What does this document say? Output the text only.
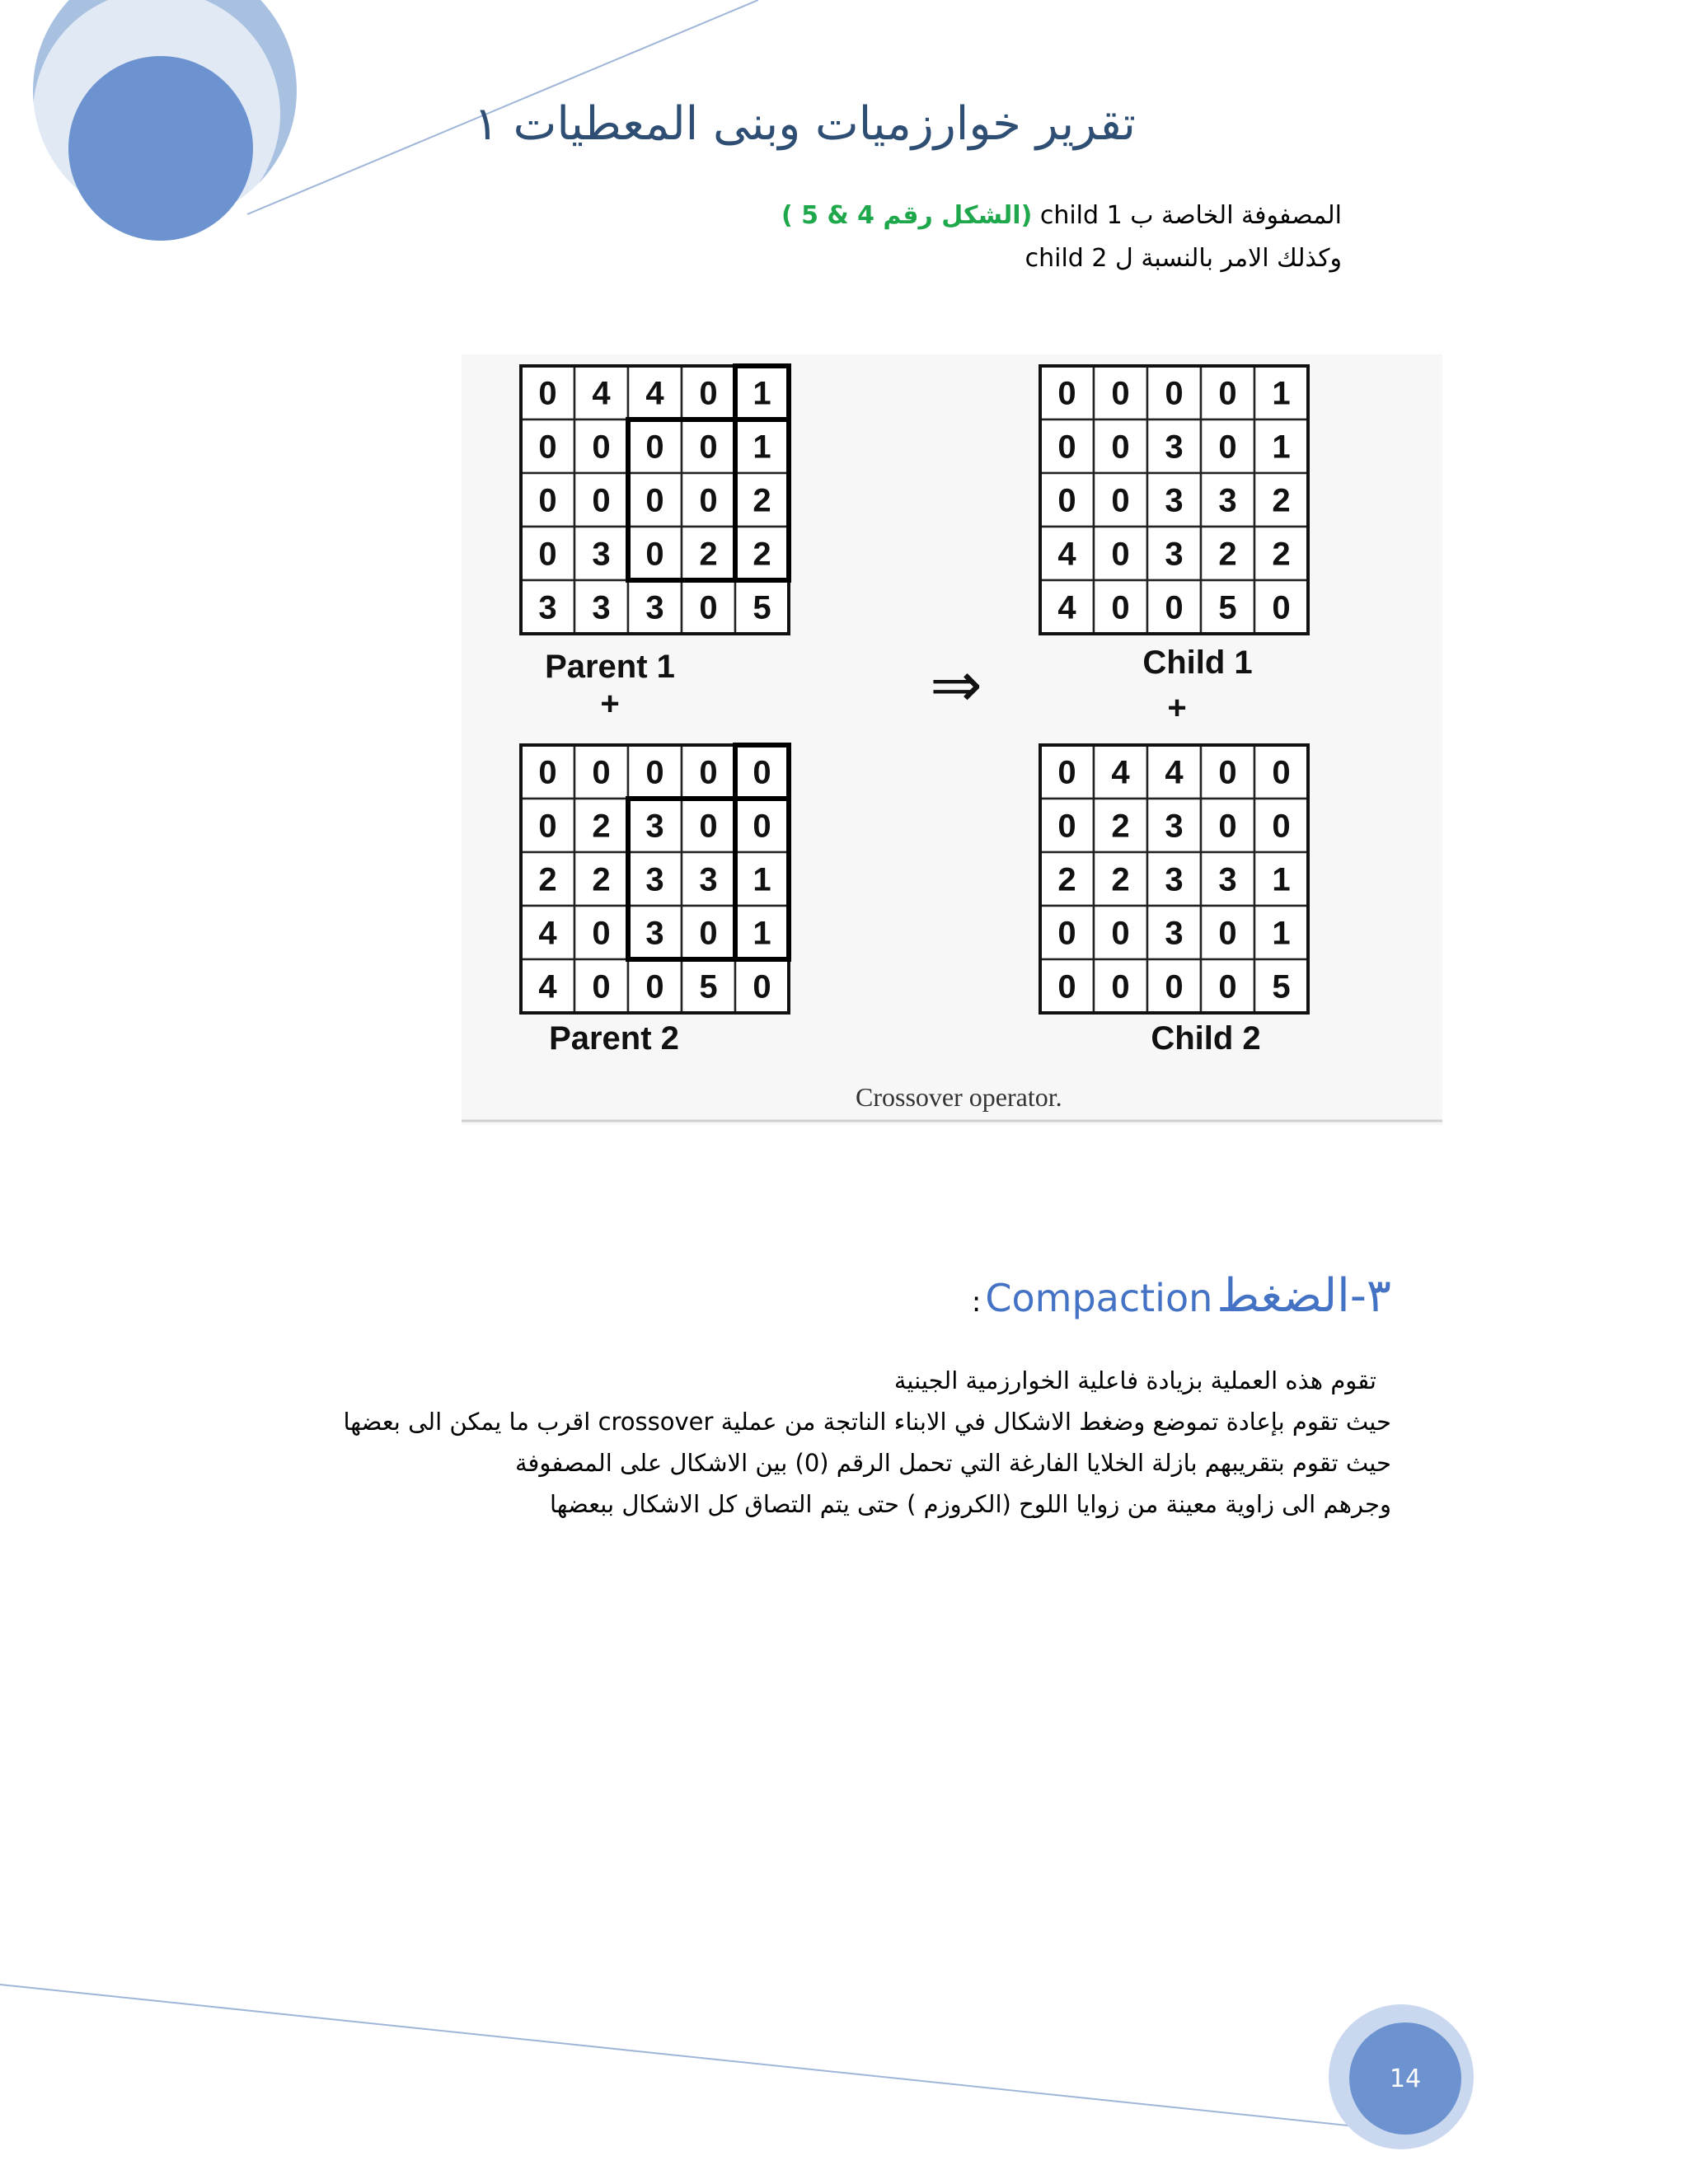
14
تقرير خوارزميات وبنى المعطيات ١
المصفوفة الخاصة ب child 1 (الشكل رقم 4 & 5 )
وكذلك الامر بالنسبة ل child 2
0 4 4 0 1
0 0 0 0 1
0 0 0 0 2
0 3 0 2 2
3 3 3 0 5
0 0 0 0 0
0 2 3 0 0
2 2 3 3 1
4 0 3 0 1
4 0 0 5 0
0 0 0 0 1
0 0 3 0 1
0 0 3 3 2
4 0 3 2 2
4 0 0 5 0
0 4 4 0 0
0 2 3 0 0
2 2 3 3 1
0 0 3 0 1
0 0 0 0 5
Parent 1
+
Parent 2
Child 1
+
Child 2
⇒
Crossover operator.
٣-الضغط Compaction :
تقوم هذه العملية بزيادة فاعلية الخوارزمية الجينية
حيث تقوم بإعادة تموضع وضغط الاشكال في الابناء الناتجة من عملية crossover اقرب ما يمكن الى بعضها
حيث تقوم بتقريبهم بازلة الخلايا الفارغة التي تحمل الرقم (0) بين الاشكال على المصفوفة
وجرهم الى زاوية معينة من زوايا اللوح (الكروزم ) حتى يتم التصاق كل الاشكال ببعضها
